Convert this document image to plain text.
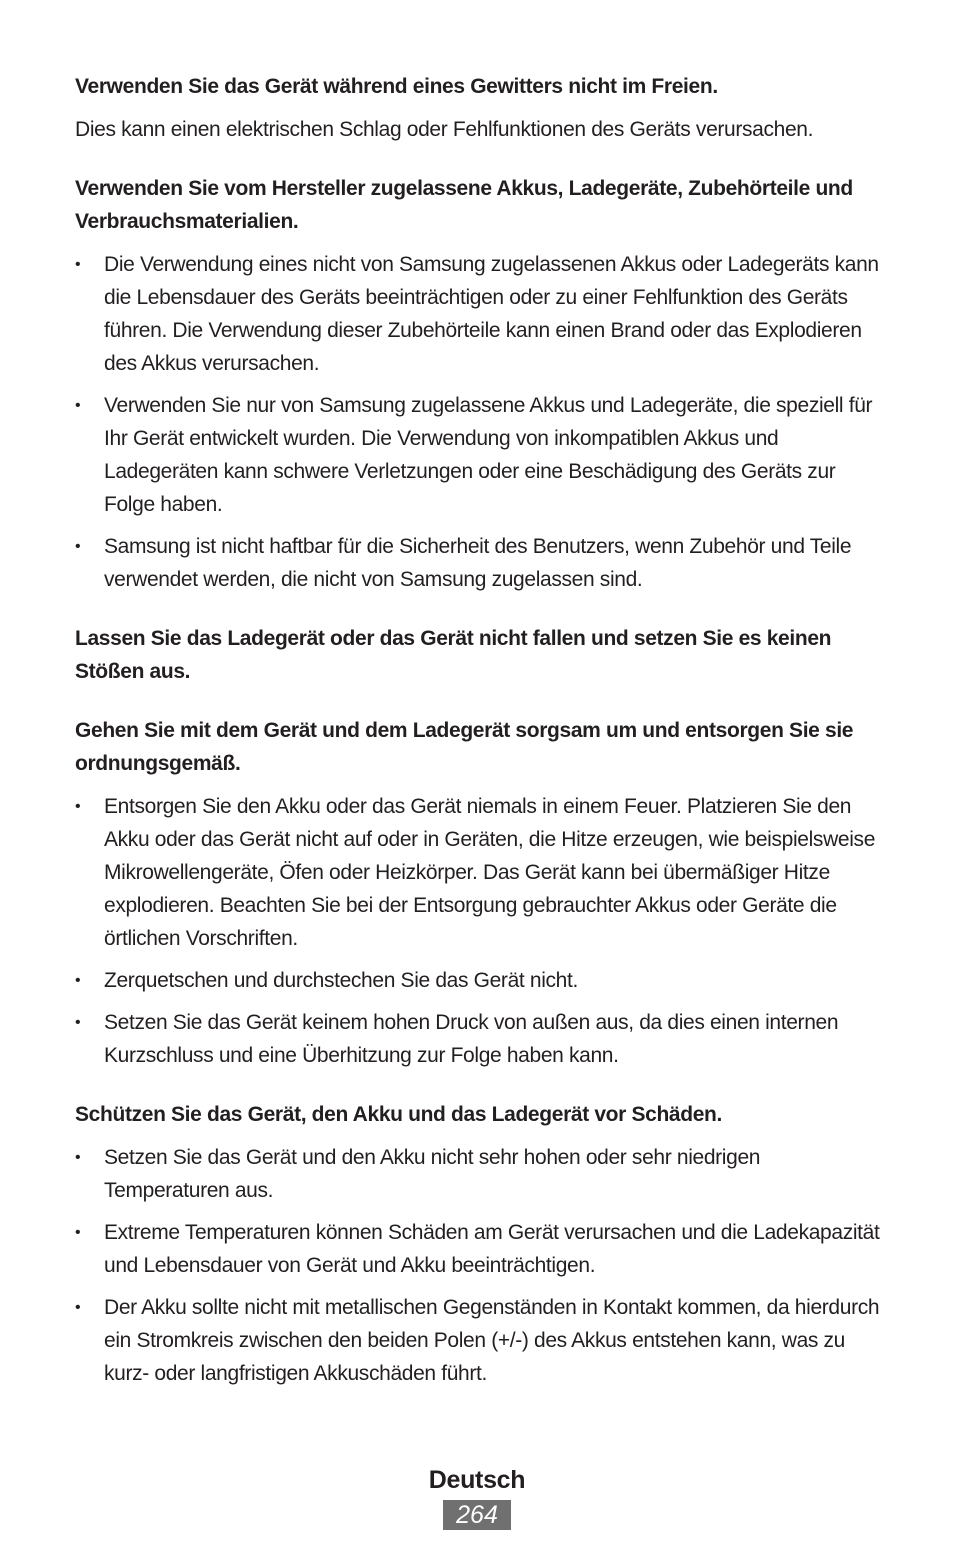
Verwenden Sie das Gerät während eines Gewitters nicht im Freien.

Dies kann einen elektrischen Schlag oder Fehlfunktionen des Geräts verursachen.

Verwenden Sie vom Hersteller zugelassene Akkus, Ladegeräte, Zubehörteile und Verbrauchsmaterialien.

• Die Verwendung eines nicht von Samsung zugelassenen Akkus oder Ladegeräts kann die Lebensdauer des Geräts beeinträchtigen oder zu einer Fehlfunktion des Geräts führen. Die Verwendung dieser Zubehörteile kann einen Brand oder das Explodieren des Akkus verursachen.
• Verwenden Sie nur von Samsung zugelassene Akkus und Ladegeräte, die speziell für Ihr Gerät entwickelt wurden. Die Verwendung von inkompatiblen Akkus und Ladegeräten kann schwere Verletzungen oder eine Beschädigung des Geräts zur Folge haben.
• Samsung ist nicht haftbar für die Sicherheit des Benutzers, wenn Zubehör und Teile verwendet werden, die nicht von Samsung zugelassen sind.

Lassen Sie das Ladegerät oder das Gerät nicht fallen und setzen Sie es keinen Stößen aus.

Gehen Sie mit dem Gerät und dem Ladegerät sorgsam um und entsorgen Sie sie ordnungsgemäß.

• Entsorgen Sie den Akku oder das Gerät niemals in einem Feuer. Platzieren Sie den Akku oder das Gerät nicht auf oder in Geräten, die Hitze erzeugen, wie beispielsweise Mikrowellengeräte, Öfen oder Heizkörper. Das Gerät kann bei übermäßiger Hitze explodieren. Beachten Sie bei der Entsorgung gebrauchter Akkus oder Geräte die örtlichen Vorschriften.
• Zerquetschen und durchstechen Sie das Gerät nicht.
• Setzen Sie das Gerät keinem hohen Druck von außen aus, da dies einen internen Kurzschluss und eine Überhitzung zur Folge haben kann.

Schützen Sie das Gerät, den Akku und das Ladegerät vor Schäden.

• Setzen Sie das Gerät und den Akku nicht sehr hohen oder sehr niedrigen Temperaturen aus.
• Extreme Temperaturen können Schäden am Gerät verursachen und die Ladekapazität und Lebensdauer von Gerät und Akku beeinträchtigen.
• Der Akku sollte nicht mit metallischen Gegenständen in Kontakt kommen, da hierdurch ein Stromkreis zwischen den beiden Polen (+/-) des Akkus entstehen kann, was zu kurz- oder langfristigen Akkuschäden führt.
Deutsch
264
